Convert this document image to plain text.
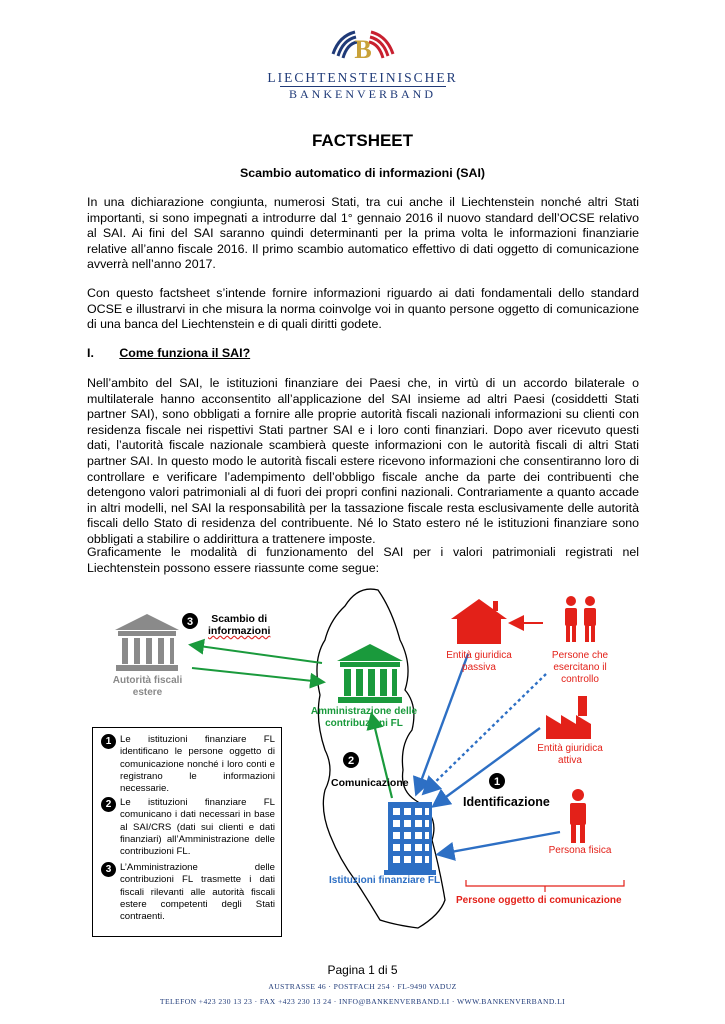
B
LIECHTENSTEINISCHER
BANKENVERBAND
FACTSHEET
Scambio automatico di informazioni (SAI)
In una dichiarazione congiunta, numerosi Stati, tra cui anche il Liechtenstein nonché altri Stati importanti, si sono impegnati a introdurre dal 1° gennaio 2016 il nuovo standard dell’OCSE relativo al SAI. Ai fini del SAI saranno quindi determinanti per la prima volta le informazioni finanziarie relative all’anno fiscale 2016. Il primo scambio automatico effettivo di dati oggetto di comunicazione avverrà nell’anno 2017.
Con questo factsheet s’intende fornire informazioni riguardo ai dati fondamentali dello standard OCSE e illustrarvi in che misura la norma coinvolge voi in quanto persone oggetto di comunicazione di una banca del Liechtenstein e di quali diritti godete.
I. Come funziona il SAI?
Nell’ambito del SAI, le istituzioni finanziare dei Paesi che, in virtù di un accordo bilaterale o multilaterale hanno acconsentito all’applicazione del SAI insieme ad altri Paesi (cosiddetti Stati partner SAI), sono obbligati a fornire alle proprie autorità fiscali nazionali informazioni su clienti con residenza fiscale nei rispettivi Stati partner SAI e i loro conti finanziari. Dopo aver ricevuto questi dati, l’autorità fiscale nazionale scambierà queste informazioni con le autorità fiscali di altri Stati partner SAI. In questo modo le autorità fiscali estere ricevono informazioni che consentiranno loro di controllare e verificare l’adempimento dell’obbligo fiscale anche da parte dei contribuenti che detengono valori patrimoniali al di fuori dei propri confini nazionali. Contrariamente a quanto accade in altri modelli, nel SAI la responsabilità per la tassazione fiscale resta esclusivamente delle autorità fiscali dello Stato di residenza del contribuente. Né lo Stato estero né le istituzioni finanziare sono obbligati a stabilire o addirittura a trattenere imposte.
Graficamente le modalità di funzionamento del SAI per i valori patrimoniali registrati nel Liechtenstein possono essere riassunte come segue:
3
2
1
Scambio di
informazioni
Autorità fiscali
estere
Amministrazione delle
contribuzioni FL
Comunicazione
Identificazione
Istituzioni finanziare FL
Entità giuridica
passiva
Persone che
esercitano il
controllo
Entità giuridica
attiva
Persona fisica
Persone oggetto di comunicazione
1 Le istituzioni finanziare FL identificano le persone oggetto di comunicazione nonché i loro conti e registrano le informazioni necessarie.
2 Le istituzioni finanziare FL comunicano i dati necessari in base al SAI/CRS (dati sui clienti e dati finanziari) all’Amministrazione delle contribuzioni FL.
3 L’Amministrazione delle contribuzioni FL trasmette i dati fiscali rilevanti alle autorità fiscali estere competenti degli Stati contraenti.
Pagina 1 di 5
AUSTRASSE 46 · POSTFACH 254 · FL-9490 VADUZ
TELEFON +423 230 13 23 · FAX +423 230 13 24 · INFO@BANKENVERBAND.LI · WWW.BANKENVERBAND.LI
